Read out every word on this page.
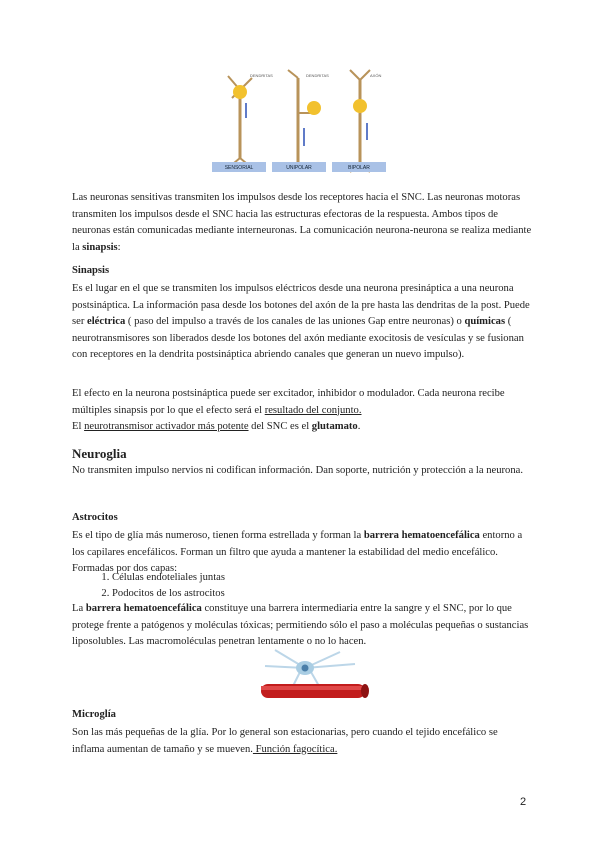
DENDRITAS	DENDRITAS	AXÓN
SENSORIAL	UNIPOLAR	BIPOLAR

Las neuronas sensitivas transmiten los impulsos desde los receptores hacia el SNC. Las neuronas motoras transmiten los impulsos desde el SNC hacia las estructuras efectoras de la respuesta. Ambos tipos de neuronas están comunicadas mediante interneuronas. La comunicación neurona-neurona se realiza mediante la sinapsis:

Sinapsis

Es el lugar en el que se transmiten los impulsos eléctricos desde una neurona presináptica a una neurona postsináptica. La información pasa desde los botones del axón de la pre hasta las dendritas de la post. Puede ser eléctrica ( paso del impulso a través de los canales de las uniones Gap entre neuronas) o químicas ( neurotransmisores son liberados desde los botones del axón mediante exocitosis de vesículas y se fusionan con receptores en la dendrita postsináptica abriendo canales que generan un nuevo impulso).

El efecto en la neurona postsináptica puede ser excitador, inhibidor o modulador. Cada neurona recibe múltiples sinapsis por lo que el efecto será el resultado del conjunto.

El neurotransmisor activador más potente del SNC es el glutamato.

Neuroglia

No transmiten impulso nervios ni codifican información. Dan soporte, nutrición y protección a la neurona.

Astrocitos

Es el tipo de glía más numeroso, tienen forma estrellada y forman la barrera hematoencefálica entorno a los capilares encefálicos. Forman un filtro que ayuda a mantener la estabilidad del medio encefálico. Formadas por dos capas:

1. Células endoteliales juntas
2. Podocitos de los astrocitos

La barrera hematoencefálica constituye una barrera intermediaria entre la sangre y el SNC, por lo que protege frente a patógenos y moléculas tóxicas; permitiendo sólo el paso a moléculas pequeñas o sustancias liposolubles. Las macromoléculas penetran lentamente o no lo hacen.

Microglía

Son las más pequeñas de la glía. Por lo general son estacionarias, pero cuando el tejido encefálico se inflama aumentan de tamaño y se mueven. Función fagocítica.

2
